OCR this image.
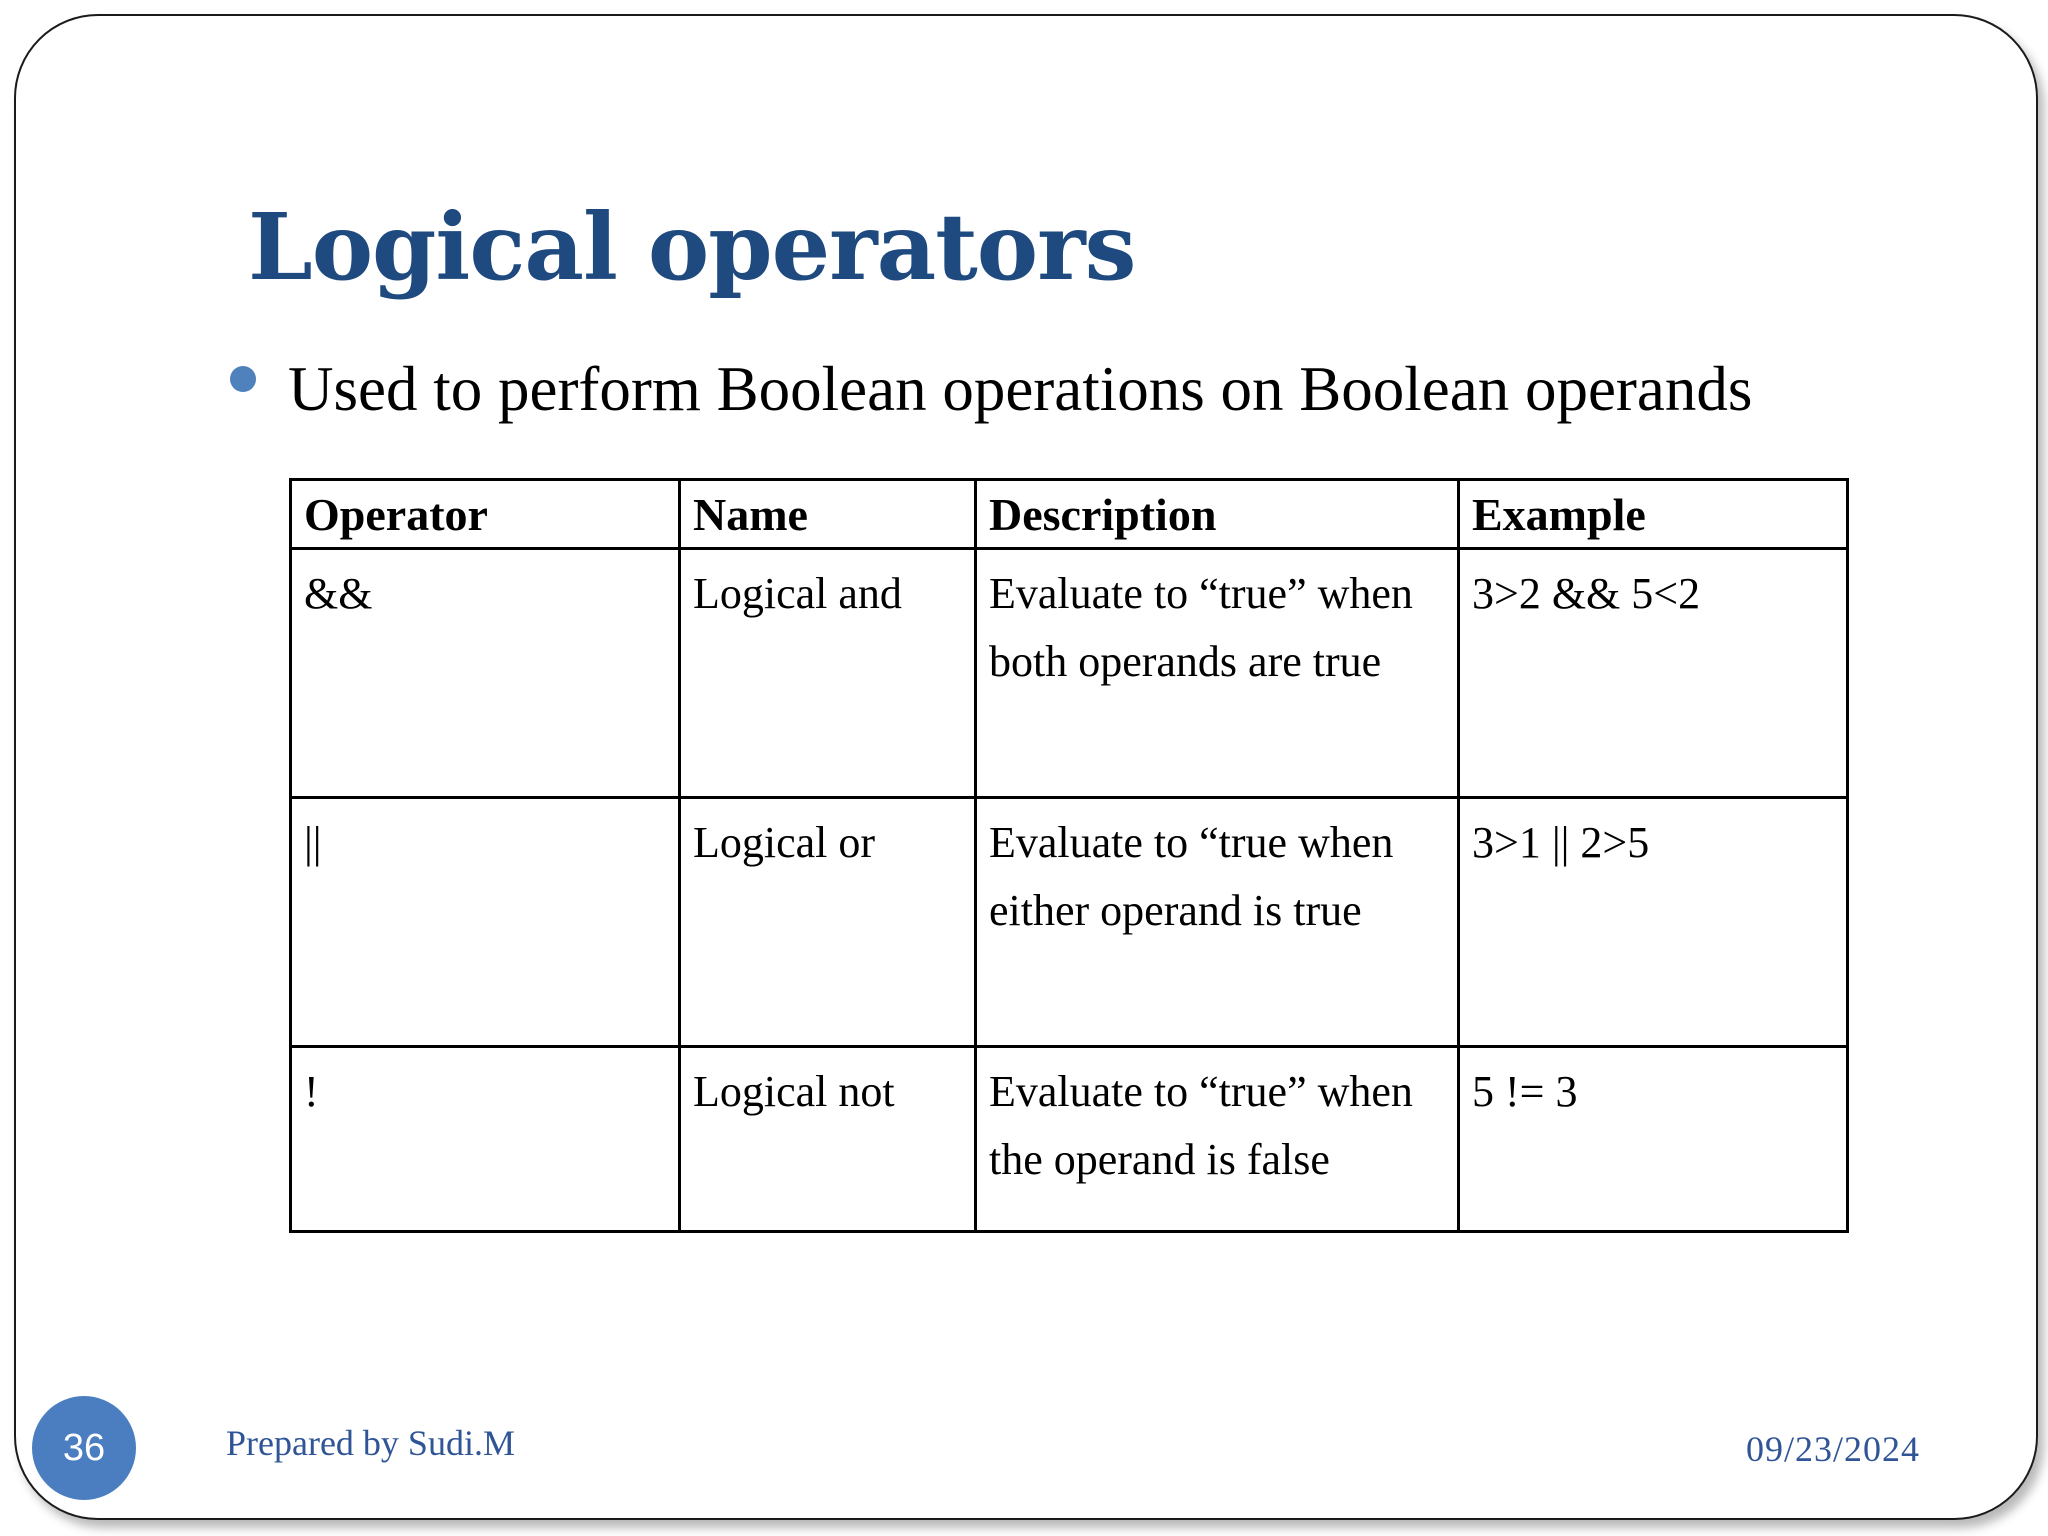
Logical operators
Used to perform Boolean operations on Boolean operands
Operator	Name	Description	Example
&&	Logical and	Evaluate to “true” when both operands are true	3>2 && 5<2
||	Logical or	Evaluate to “true when either operand is true	3>1 || 2>5
!	Logical not	Evaluate to “true” when the operand is false	5 != 3
36	Prepared by Sudi.M	09/23/2024
